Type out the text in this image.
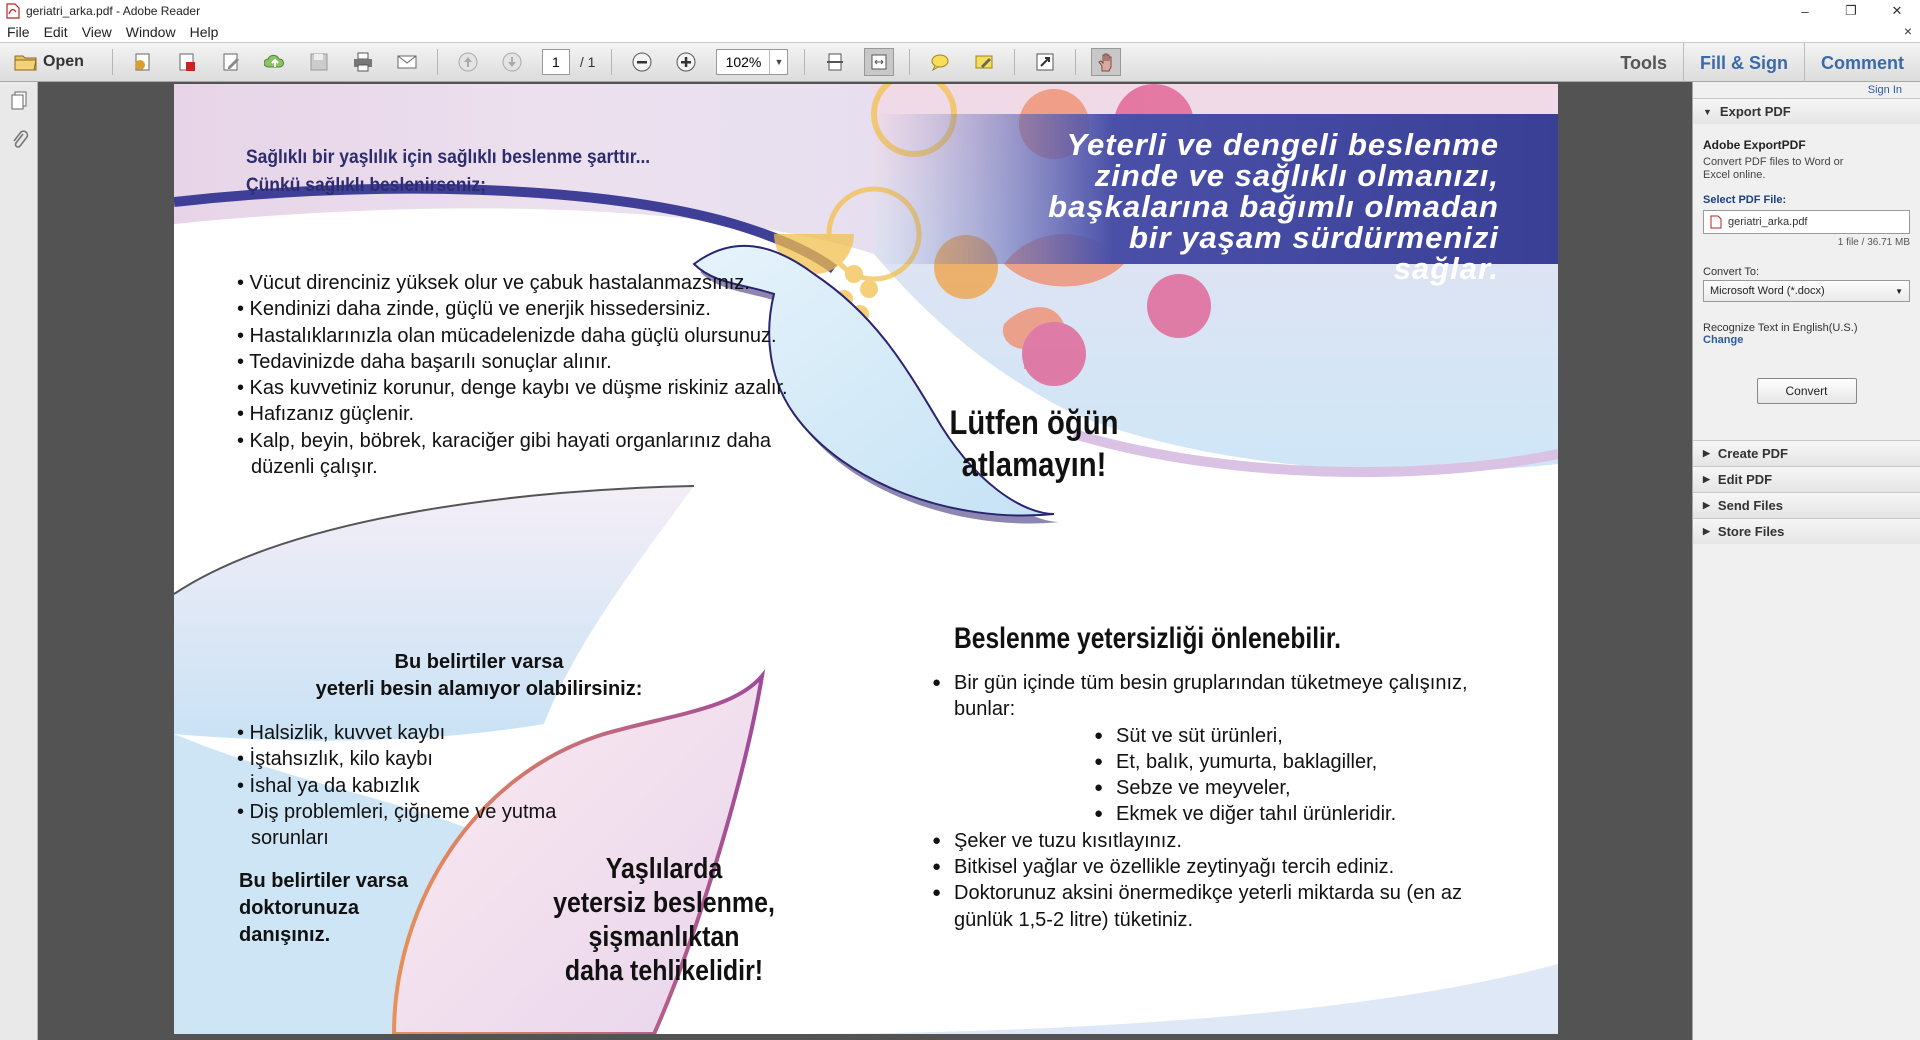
geriatri_arka.pdf - Adobe Reader	–	❐	✕
File	Edit	View	Window	Help	×
Open	1	/ 1	102%	▼	Tools	Fill & Sign	Comment
Sağlıklı bir yaşlılık için sağlıklı beslenme şarttır...
Çünkü sağlıklı beslenirseniz;
Yeterli ve dengeli beslenme
zinde ve sağlıklı olmanızı,
başkalarına bağımlı olmadan
bir yaşam sürdürmenizi sağlar.
• Vücut direnciniz yüksek olur ve çabuk hastalanmazsınız.
• Kendinizi daha zinde, güçlü ve enerjik hissedersiniz.
• Hastalıklarınızla olan mücadelenizde daha güçlü olursunuz.
• Tedavinizde daha başarılı sonuçlar alınır.
• Kas kuvvetiniz korunur, denge kaybı ve düşme riskiniz azalır.
• Hafızanız güçlenir.
• Kalp, beyin, böbrek, karaciğer gibi hayati organlarınız daha düzenli çalışır.
Lütfen öğün
atlamayın!
Bu belirtiler varsa
yeterli besin alamıyor olabilirsiniz:
• Halsizlik, kuvvet kaybı
• İştahsızlık, kilo kaybı
• İshal ya da kabızlık
• Diş problemleri, çiğneme ve yutma sorunları
Bu belirtiler varsa
doktorunuza
danışınız.
Yaşlılarda
yetersiz beslenme,
şişmanlıktan
daha tehlikelidir!
Beslenme yetersizliği önlenebilir.
● Bir gün içinde tüm besin gruplarından tüketmeye çalışınız, bunlar:
● Süt ve süt ürünleri,
● Et, balık, yumurta, baklagiller,
● Sebze ve meyveler,
● Ekmek ve diğer tahıl ürünleridir.
● Şeker ve tuzu kısıtlayınız.
● Bitkisel yağlar ve özellikle zeytinyağı tercih ediniz.
● Doktorunuz aksini önermedikçe yeterli miktarda su (en az günlük 1,5-2 litre) tüketiniz.
Sign In
▼ Export PDF
Adobe ExportPDF
Convert PDF files to Word or Excel online.
Select PDF File:
geriatri_arka.pdf
1 file / 36.71 MB
Convert To:
Microsoft Word (*.docx)	▼
Recognize Text in English(U.S.)
Change
Convert
▶ Create PDF
▶ Edit PDF
▶ Send Files
▶ Store Files
